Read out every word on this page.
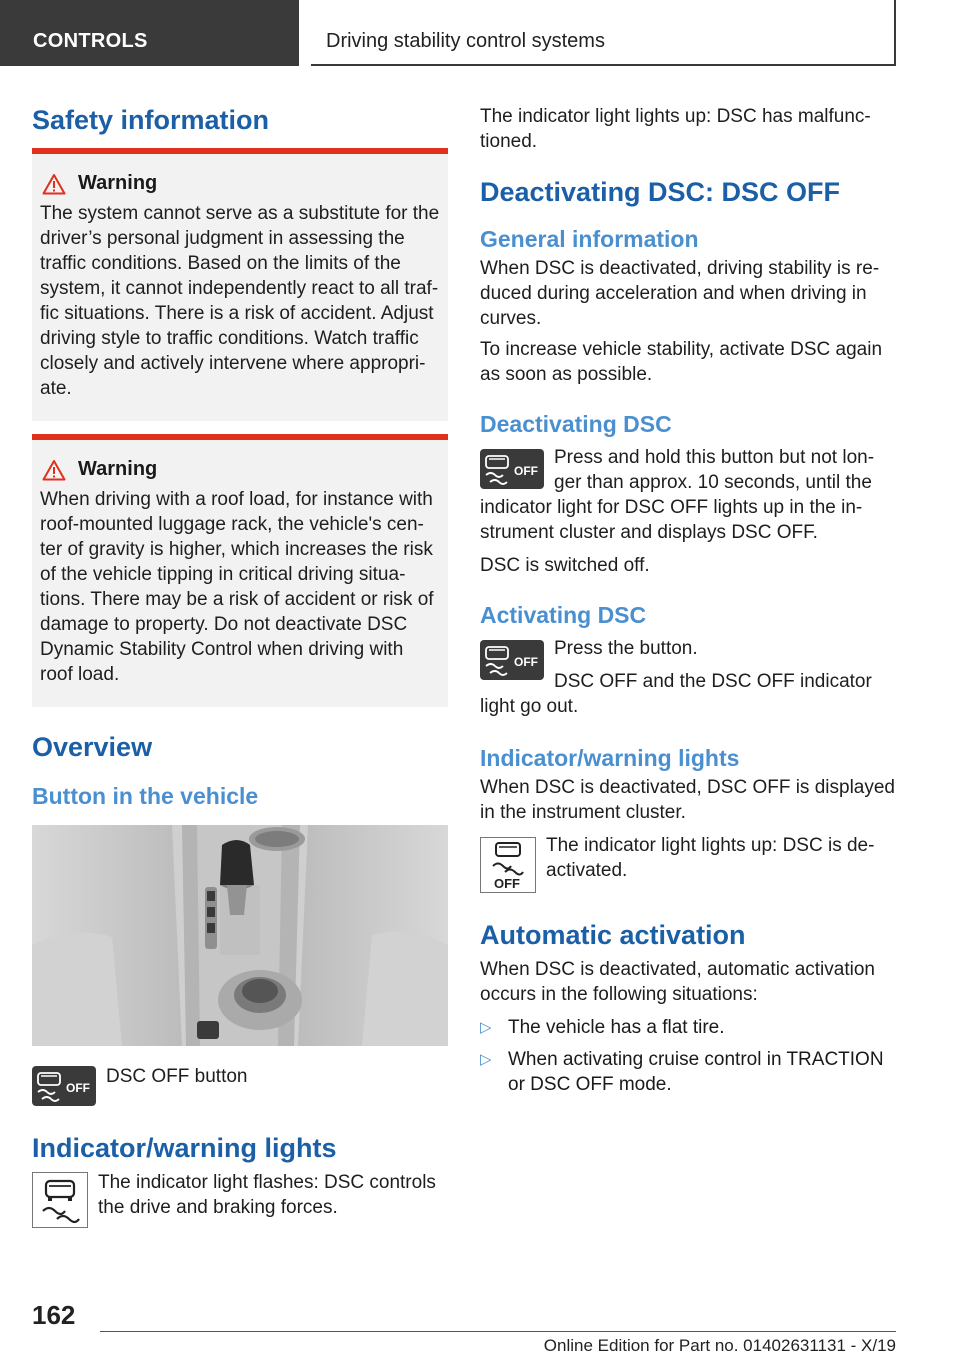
CONTROLS	Driving stability control systems
Safety information
Warning

The system cannot serve as a substitute for the driver’s personal judgment in assessing the traffic conditions. Based on the limits of the system, it cannot independently react to all traf‐fic situations. There is a risk of accident. Adjust driving style to traffic conditions. Watch traffic closely and actively intervene where appropri‐ate.

Warning

When driving with a roof load, for instance with roof-mounted luggage rack, the vehicle's cen‐ter of gravity is higher, which increases the risk of the vehicle tipping in critical driving situa‐tions. There may be a risk of accident or risk of damage to property. Do not deactivate DSC Dynamic Stability Control when driving with roof load.

Overview
Button in the vehicle
OFF

DSC OFF button

Indicator/warning lights

The indicator light flashes: DSC controls the drive and braking forces.

The indicator light lights up: DSC has malfunc‐tioned.

Deactivating DSC: DSC OFF
General information

When DSC is deactivated, driving stability is re‐duced during acceleration and when driving in curves.

To increase vehicle stability, activate DSC again as soon as possible.

Deactivating DSC
OFF

Press and hold this button but not lon‐ger than approx. 10 seconds, until the indicator light for DSC OFF lights up in the in‐strument cluster and displays DSC OFF.

DSC is switched off.

Activating DSC
OFF

Press the button.

DSC OFF and the DSC OFF indicator light go out.

Indicator/warning lights

When DSC is deactivated, DSC OFF is displayed in the instrument cluster.

OFF

The indicator light lights up: DSC is de‐activated.

Automatic activation

When DSC is deactivated, automatic activation occurs in the following situations:

▷ The vehicle has a flat tire.
▷ When activating cruise control in TRACTION or DSC OFF mode.
162
Online Edition for Part no. 01402631131 - X/19
